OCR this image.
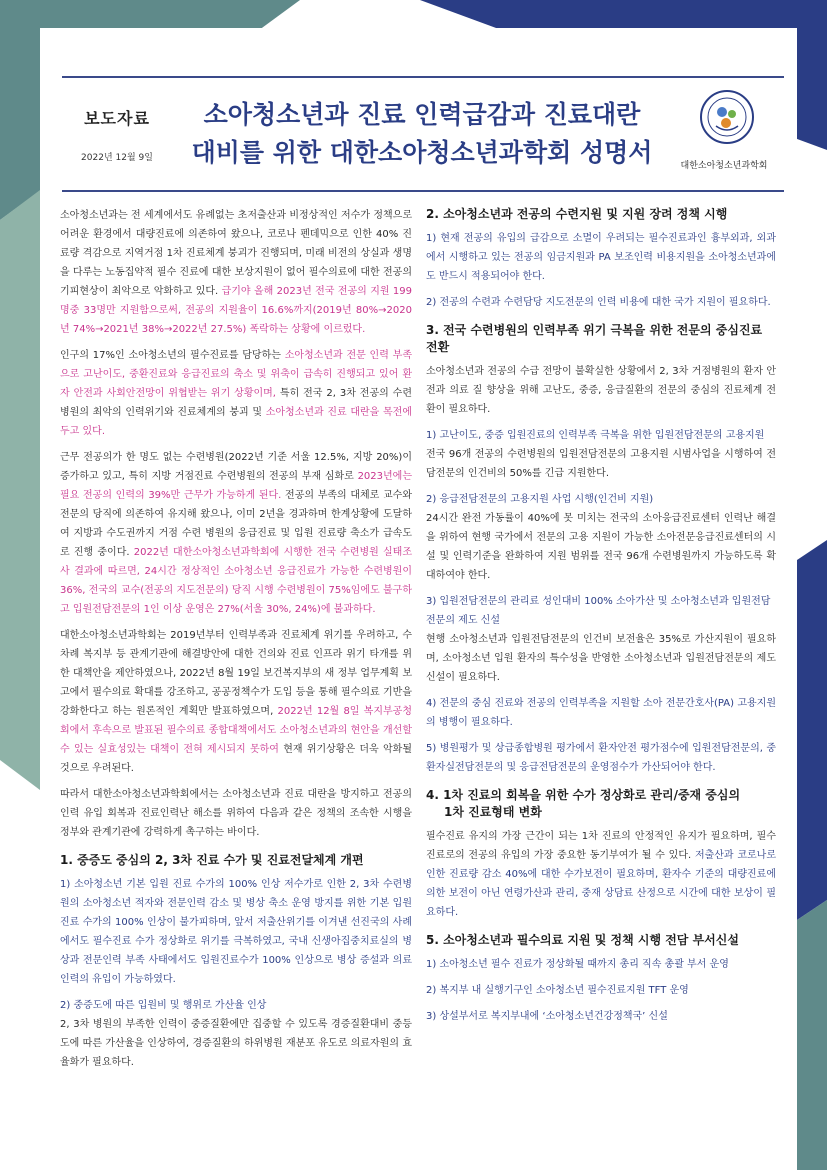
보도자료
2022년 12월 9일
소아청소년과 진료 인력급감과 진료대란
대비를 위한 대한소아청소년과학회 성명서	대한소아청소년과학회

소아청소년과는 전 세계에서도 유례없는 초저출산과 비정상적인 저수가 정책으로 어려운 환경에서 대량진료에 의존하여 왔으나, 코로나 펜데믹으로 인한 40% 진료량 격감으로 지역거점 1차 진료체계 붕괴가 진행되며, 미래 비전의 상실과 생명을 다루는 노동집약적 필수 진료에 대한 보상지원이 없어 필수의료에 대한 전공의 기피현상이 최악으로 악화하고 있다. 급기야 올해 2023년 전국 전공의 지원 199명중 33명만 지원함으로써, 전공의 지원율이 16.6%까지(2019년 80%→2020년 74%→2021년 38%→2022년 27.5%) 폭락하는 상황에 이르렀다.

인구의 17%인 소아청소년의 필수진료를 담당하는 소아청소년과 전문 인력 부족으로 고난이도, 중환진료와 응급진료의 축소 및 위축이 급속히 진행되고 있어 환자 안전과 사회안전망이 위협받는 위기 상황이며, 특히 전국 2, 3차 전공의 수련병원의 최악의 인력위기와 진료체계의 붕괴 및 소아청소년과 진료 대란을 목전에 두고 있다.

근무 전공의가 한 명도 없는 수련병원(2022년 기준 서울 12.5%, 지방 20%)이 증가하고 있고, 특히 지방 거점진료 수련병원의 전공의 부재 심화로 2023년에는 필요 전공의 인력의 39%만 근무가 가능하게 된다. 전공의 부족의 대체로 교수와 전문의 당직에 의존하여 유지해 왔으나, 이미 2년을 경과하며 한계상황에 도달하여 지방과 수도권까지 거점 수련 병원의 응급진료 및 입원 진료량 축소가 급속도로 진행 중이다. 2022년 대한소아청소년과학회에 시행한 전국 수련병원 실태조사 결과에 따르면, 24시간 정상적인 소아청소년 응급진료가 가능한 수련병원이 36%, 전국의 교수(전공의 지도전문의) 당직 시행 수련병원이 75%임에도 불구하고 입원전담전문의 1인 이상 운영은 27%(서울 30%, 24%)에 불과하다.

대한소아청소년과학회는 2019년부터 인력부족과 진료체계 위기를 우려하고, 수차례 복지부 등 관계기관에 해결방안에 대한 건의와 진료 인프라 위기 타개를 위한 대책안을 제안하였으나, 2022년 8월 19일 보건복지부의 새 정부 업무계획 보고에서 필수의료 확대를 강조하고, 공공정책수가 도입 등을 통해 필수의료 기반을 강화한다고 하는 원론적인 계획만 발표하였으며, 2022년 12월 8일 복지부공청회에서 후속으로 발표된 필수의료 종합대책에서도 소아청소년과의 현안을 개선할 수 있는 실효성있는 대책이 전혀 제시되지 못하여 현재 위기상황은 더욱 악화될 것으로 우려된다.

따라서 대한소아청소년과학회에서는 소아청소년과 진료 대란을 방지하고 전공의 인력 유입 회복과 진료인력난 해소를 위하여 다음과 같은 정책의 조속한 시행을 정부와 관계기관에 강력하게 촉구하는 바이다.

1. 중증도 중심의 2, 3차 진료 수가 및 진료전달체계 개편

1) 소아청소년 기본 입원 진료 수가의 100% 인상 저수가로 인한 2, 3차 수련병원의 소아청소년 적자와 전문인력 감소 및 병상 축소 운영 방지를 위한 기본 입원진료 수가의 100% 인상이 불가피하며, 앞서 저출산위기를 이겨낸 선진국의 사례에서도 필수진료 수가 정상화로 위기를 극복하였고, 국내 신생아집중치료실의 병상과 전문인력 부족 사태에서도 입원진료수가 100% 인상으로 병상 증설과 의료인력의 유입이 가능하였다.

2) 중증도에 따른 입원비 및 행위로 가산율 인상

2, 3차 병원의 부족한 인력이 중증질환에만 집중할 수 있도록 경증질환대비 중등도에 따른 가산율을 인상하여, 경증질환의 하위병원 재분포 유도로 의료자원의 효율화가 필요하다.

2. 소아청소년과 전공의 수련지원 및 지원 장려 정책 시행

1) 현재 전공의 유입의 급감으로 소멸이 우려되는 필수진료과인 흉부외과, 외과에서 시행하고 있는 전공의 임금지원과 PA 보조인력 비용지원을 소아청소년과에도 반드시 적용되어야 한다.

2) 전공의 수련과 수련담당 지도전문의 인력 비용에 대한 국가 지원이 필요하다.

3. 전국 수련병원의 인력부족 위기 극복을 위한 전문의 중심진료 전환

소아청소년과 전공의 수급 전망이 불확실한 상황에서 2, 3차 거점병원의 환자 안전과 의료 질 향상을 위해 고난도, 중증, 응급질환의 전문의 중심의 진료체계 전환이 필요하다.

1) 고난이도, 중증 입원진료의 인력부족 극복을 위한 입원전담전문의 고용지원

전국 96개 전공의 수련병원의 입원전담전문의 고용지원 시범사업을 시행하여 전담전문의 인건비의 50%를 긴급 지원한다.

2) 응급전담전문의 고용지원 사업 시행(인건비 지원)

24시간 완전 가동률이 40%에 못 미치는 전국의 소아응급진료센터 인력난 해결을 위하여 현행 국가에서 전문의 고용 지원이 가능한 소아전문응급진료센터의 시설 및 인력기준을 완화하여 지원 범위를 전국 96개 수련병원까지 가능하도록 확대하여야 한다.

3) 입원전담전문의 관리료 성인대비 100% 소아가산 및 소아청소년과 입원전담전문의 제도 신설

현행 소아청소년과 입원전담전문의 인건비 보전율은 35%로 가산지원이 필요하며, 소아청소년 입원 환자의 특수성을 반영한 소아청소년과 입원전담전문의 제도 신설이 필요하다.

4) 전문의 중심 진료와 전공의 인력부족을 지원할 소아 전문간호사(PA) 고용지원의 병행이 필요하다.

5) 병원평가 및 상급종합병원 평가에서 환자안전 평가점수에 입원전담전문의, 중환자실전담전문의 및 응급전담전문의 운영점수가 가산되어야 한다.

4. 1차 진료의 회복을 위한 수가 정상화로 관리/중재 중심의
1차 진료형태 변화

필수진료 유지의 가장 근간이 되는 1차 진료의 안정적인 유지가 필요하며, 필수진료로의 전공의 유입의 가장 중요한 동기부여가 될 수 있다. 저출산과 코로나로 인한 진료량 감소 40%에 대한 수가보전이 필요하며, 환자수 기준의 대량진료에 의한 보전이 아닌 연령가산과 관리, 중재 상담료 산정으로 시간에 대한 보상이 필요하다.

5. 소아청소년과 필수의료 지원 및 정책 시행 전담 부서신설

1) 소아청소년 필수 진료가 정상화될 때까지 총리 직속 총괄 부서 운영

2) 복지부 내 실행기구인 소아청소년 필수진료지원 TFT 운영

3) 상설부서로 복지부내에 ‘소아청소년건강정책국’ 신설
